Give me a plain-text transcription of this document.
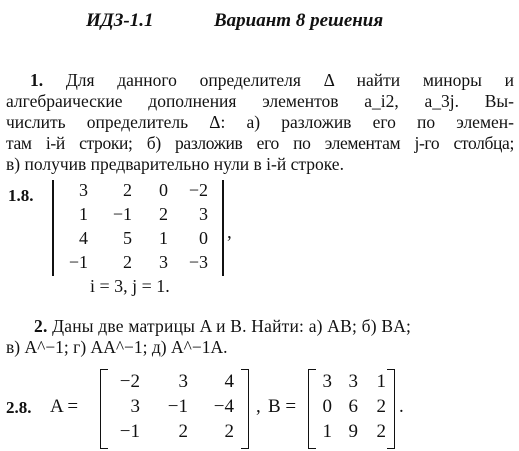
ИДЗ-1.1	Вариант 8 решения
1. Для данного определителя Δ найти миноры и
алгебраические дополнения элементов a_i2, a_3j. Вы-
числить определитель Δ: а) разложив его по элемен-
там i-й строки; б) разложив его по элементам j-го столбца;
в) получив предварительно нули в i-й строке.
1.8.	3	2	0	−2
1	−1	2	3
4	5	1	0
−1	2	3	−3
,
i = 3, j = 1.
2. Даны две матрицы A и B. Найти: а) AB; б) BA;
в) A^−1; г) AA^−1; д) A^−1A.
2.8. A =
−2	3	4
3	−1	−4
−1	2	2
, B =
3 3 1
0 6 2
1 9 2
.
